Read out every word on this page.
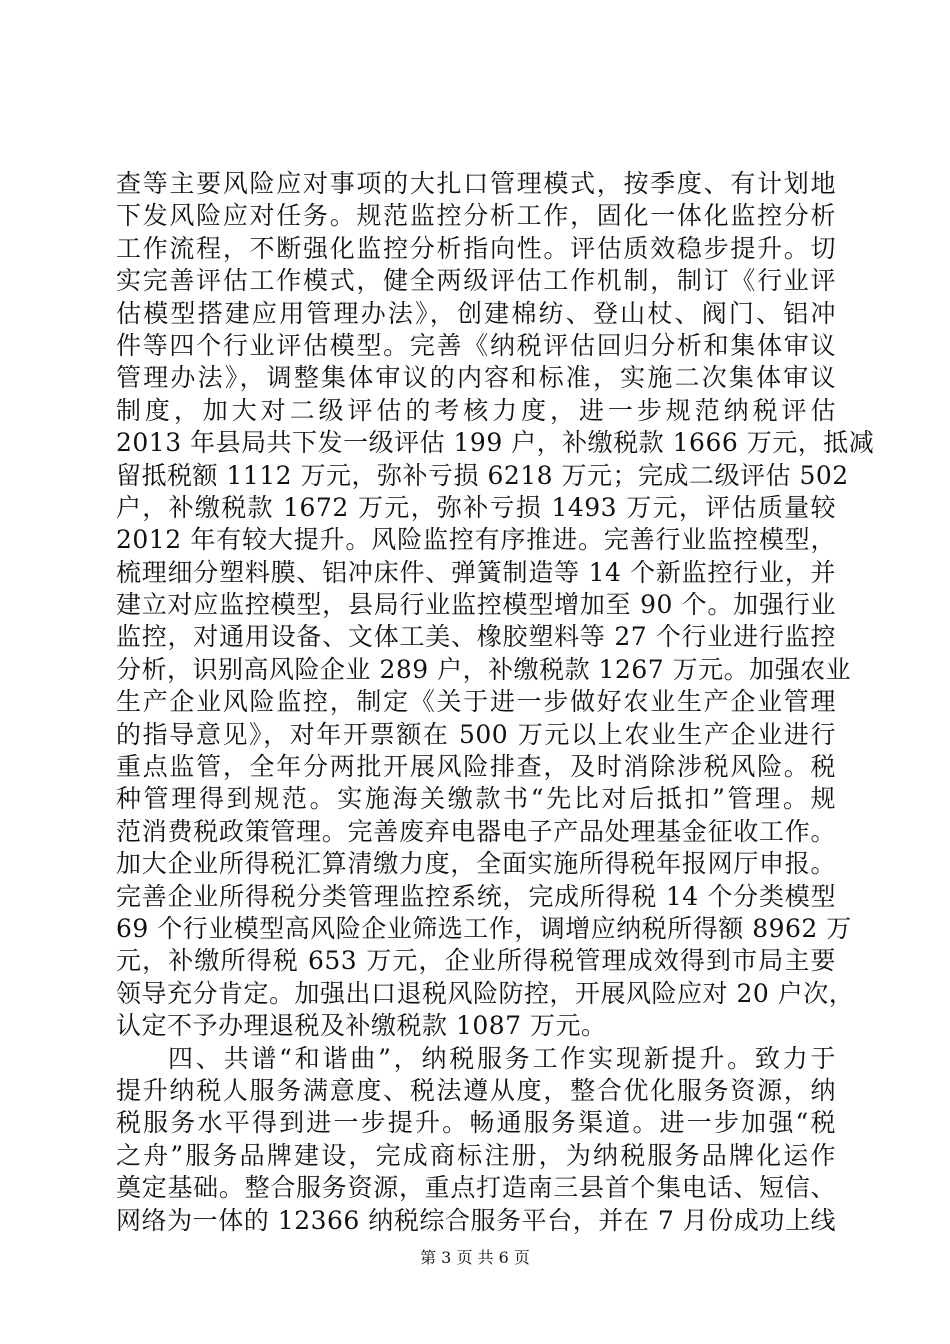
查等主要风险应对事项的大扎口管理模式，按季度、有计划地
下发风险应对任务。规范监控分析工作，固化一体化监控分析
工作流程，不断强化监控分析指向性。评估质效稳步提升。切
实完善评估工作模式，健全两级评估工作机制，制订《行业评
估模型搭建应用管理办法》，创建棉纺、登山杖、阀门、铝冲
件等四个行业评估模型。完善《纳税评估回归分析和集体审议
管理办法》，调整集体审议的内容和标准，实施二次集体审议
制度，加大对二级评估的考核力度，进一步规范纳税评估
2013 年县局共下发一级评估 199 户，补缴税款 1666 万元，抵减
留抵税额 1112 万元，弥补亏损 6218 万元；完成二级评估 502
户，补缴税款 1672 万元，弥补亏损 1493 万元，评估质量较
2012 年有较大提升。风险监控有序推进。完善行业监控模型，
梳理细分塑料膜、铝冲床件、弹簧制造等 14 个新监控行业，并
建立对应监控模型，县局行业监控模型增加至 90 个。加强行业
监控，对通用设备、文体工美、橡胶塑料等 27 个行业进行监控
分析，识别高风险企业 289 户，补缴税款 1267 万元。加强农业
生产企业风险监控，制定《关于进一步做好农业生产企业管理
的指导意见》，对年开票额在 500 万元以上农业生产企业进行
重点监管，全年分两批开展风险排查，及时消除涉税风险。税
种管理得到规范。实施海关缴款书“先比对后抵扣”管理。规
范消费税政策管理。完善废弃电器电子产品处理基金征收工作。
加大企业所得税汇算清缴力度，全面实施所得税年报网厅申报。
完善企业所得税分类管理监控系统，完成所得税 14 个分类模型
69 个行业模型高风险企业筛选工作，调增应纳税所得额 8962 万
元，补缴所得税 653 万元，企业所得税管理成效得到市局主要
领导充分肯定。加强出口退税风险防控，开展风险应对 20 户次，
认定不予办理退税及补缴税款 1087 万元。
四、共谱“和谐曲”，纳税服务工作实现新提升。致力于
提升纳税人服务满意度、税法遵从度，整合优化服务资源，纳
税服务水平得到进一步提升。畅通服务渠道。进一步加强“税
之舟”服务品牌建设，完成商标注册，为纳税服务品牌化运作
奠定基础。整合服务资源，重点打造南三县首个集电话、短信、
网络为一体的 12366 纳税综合服务平台，并在 7 月份成功上线
第 3 页 共 6 页
